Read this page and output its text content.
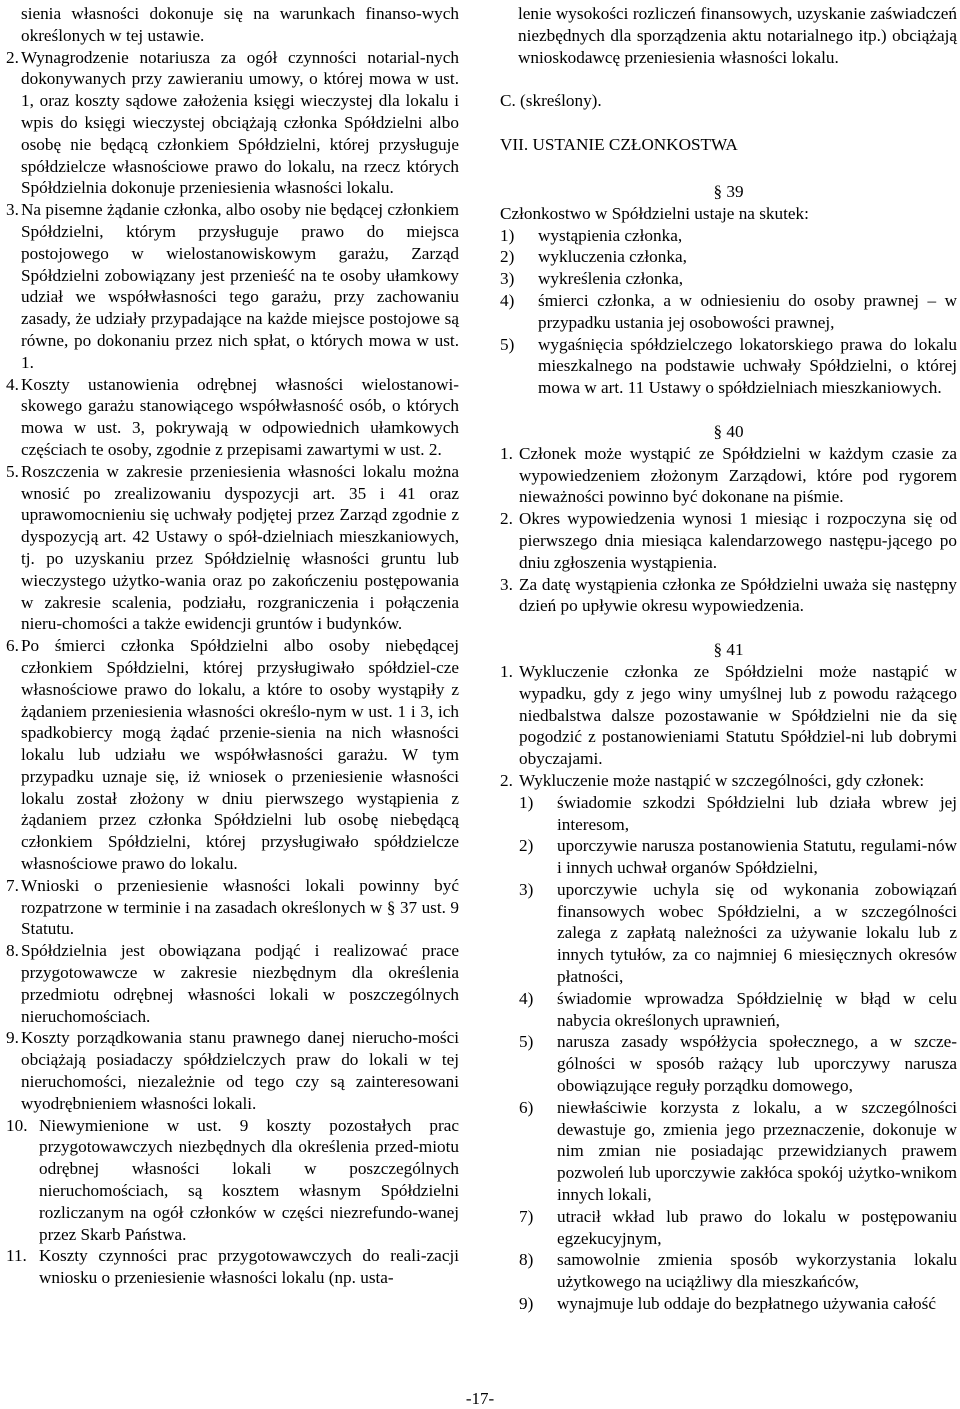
sienia własności dokonuje się na warunkach finanso-wych określonych w tej ustawie.

2. Wynagrodzenie notariusza za ogół czynności notarial-nych dokonywanych przy zawieraniu umowy, o której mowa w ust. 1, oraz koszty sądowe założenia księgi wieczystej dla lokalu i wpis do księgi wieczystej obciążają członka Spółdzielni albo osobę nie będącą członkiem Spółdzielni, której przysługuje spółdzielcze własnościowe prawo do lokalu, na rzecz których Spółdzielnia dokonuje przeniesienia własności lokalu.
3. Na pisemne żądanie członka, albo osoby nie będącej członkiem Spółdzielni, którym przysługuje prawo do miejsca postojowego w wielostanowiskowym garażu, Zarząd Spółdzielni zobowiązany jest przenieść na te osoby ułamkowy udział we współwłasności tego garażu, przy zachowaniu zasady, że udziały przypadające na każde miejsce postojowe są równe, po dokonaniu przez nich spłat, o których mowa w ust. 1.
4. Koszty ustanowienia odrębnej własności wielostanowi-skowego garażu stanowiącego współwłasność osób, o których mowa w ust. 3, pokrywają w odpowiednich ułamkowych częściach te osoby, zgodnie z przepisami zawartymi w ust. 2.
5. Roszczenia w zakresie przeniesienia własności lokalu można wnosić po zrealizowaniu dyspozycji art. 35 i 41 oraz uprawomocnieniu się uchwały podjętej przez Zarząd zgodnie z dyspozycją art. 42 Ustawy o spół-dzielniach mieszkaniowych, tj. po uzyskaniu przez Spółdzielnię własności gruntu lub wieczystego użytko-wania oraz po zakończeniu postępowania w zakresie scalenia, podziału, rozgraniczenia i połączenia nieru-chomości a także ewidencji gruntów i budynków.
6. Po śmierci członka Spółdzielni albo osoby niebędącej członkiem Spółdzielni, której przysługiwało spółdziel-cze własnościowe prawo do lokalu, a które to osoby wystąpiły z żądaniem przeniesienia własności określo-nym w ust. 1 i 3, ich spadkobiercy mogą żądać przenie-sienia na nich własności lokalu lub udziału we współwłasności garażu. W tym przypadku uznaje się, iż wniosek o przeniesienie własności lokalu został złożony w dniu pierwszego wystąpienia z żądaniem przez członka Spółdzielni lub osobę niebędącą członkiem Spółdzielni, której przysługiwało spółdzielcze własnościowe prawo do lokalu.
7. Wnioski o przeniesienie własności lokali powinny być rozpatrzone w terminie i na zasadach określonych w § 37 ust. 9 Statutu.
8. Spółdzielnia jest obowiązana podjąć i realizować prace przygotowawcze w zakresie niezbędnym dla określenia przedmiotu odrębnej własności lokali w poszczególnych nieruchomościach.
9. Koszty porządkowania stanu prawnego danej nierucho-mości obciążają posiadaczy spółdzielczych praw do lokali w tej nieruchomości, niezależnie od tego czy są zainteresowani wyodrębnieniem własności lokali.
10. Niewymienione w ust. 9 koszty pozostałych prac przygotowawczych niezbędnych dla określenia przed-miotu odrębnej własności lokali w poszczególnych nieruchomościach, są kosztem własnym Spółdzielni rozliczanym na ogół członków w części niezrefundo-wanej przez Skarb Państwa.
11. Koszty czynności prac przygotowawczych do reali-zacji wniosku o przeniesienie własności lokalu (np. usta-

lenie wysokości rozliczeń finansowych, uzyskanie zaświadczeń niezbędnych dla sporządzenia aktu notarialnego itp.) obciążają wnioskodawcę przeniesienia własności lokalu.

C. (skreślony).

VII. USTANIE CZŁONKOSTWA

§ 39

Członkostwo w Spółdzielni ustaje na skutek:

1) wystąpienia członka,
2) wykluczenia członka,
3) wykreślenia członka,
4) śmierci członka, a w odniesieniu do osoby prawnej – w przypadku ustania jej osobowości prawnej,
5) wygaśnięcia spółdzielczego lokatorskiego prawa do lokalu mieszkalnego na podstawie uchwały Spółdzielni, o której mowa w art. 11 Ustawy o spółdzielniach mieszkaniowych.

§ 40

1. Członek może wystąpić ze Spółdzielni w każdym czasie za wypowiedzeniem złożonym Zarządowi, które pod rygorem nieważności powinno być dokonane na piśmie.
2. Okres wypowiedzenia wynosi 1 miesiąc i rozpoczyna się od pierwszego dnia miesiąca kalendarzowego następu-jącego po dniu zgłoszenia wystąpienia.
3. Za datę wystąpienia członka ze Spółdzielni uważa się następny dzień po upływie okresu wypowiedzenia.

§ 41

1. Wykluczenie członka ze Spółdzielni może nastąpić w wypadku, gdy z jego winy umyślnej lub z powodu rażącego niedbalstwa dalsze pozostawanie w Spółdzielni nie da się pogodzić z postanowieniami Statutu Spółdziel-ni lub dobrymi obyczajami.
2. Wykluczenie może nastąpić w szczególności, gdy członek:
1) świadomie szkodzi Spółdzielni lub działa wbrew jej interesom,
2) uporczywie narusza postanowienia Statutu, regulami-nów i innych uchwał organów Spółdzielni,
3) uporczywie uchyla się od wykonania zobowiązań finansowych wobec Spółdzielni, a w szczególności zalega z zapłatą należności za używanie lokalu lub z innych tytułów, za co najmniej 6 miesięcznych okresów płatności,
4) świadomie wprowadza Spółdzielnię w błąd w celu nabycia określonych uprawnień,
5) narusza zasady współżycia społecznego, a w szcze-gólności w sposób rażący lub uporczywy narusza obowiązujące reguły porządku domowego,
6) niewłaściwie korzysta z lokalu, a w szczególności dewastuje go, zmienia jego przeznaczenie, dokonuje w nim zmian nie posiadając przewidzianych prawem pozwoleń lub uporczywie zakłóca spokój użytko-wnikom innych lokali,
7) utracił wkład lub prawo do lokalu w postępowaniu egzekucyjnym,
8) samowolnie zmienia sposób wykorzystania lokalu użytkowego na uciążliwy dla mieszkańców,
9) wynajmuje lub oddaje do bezpłatnego używania całość
-17-
